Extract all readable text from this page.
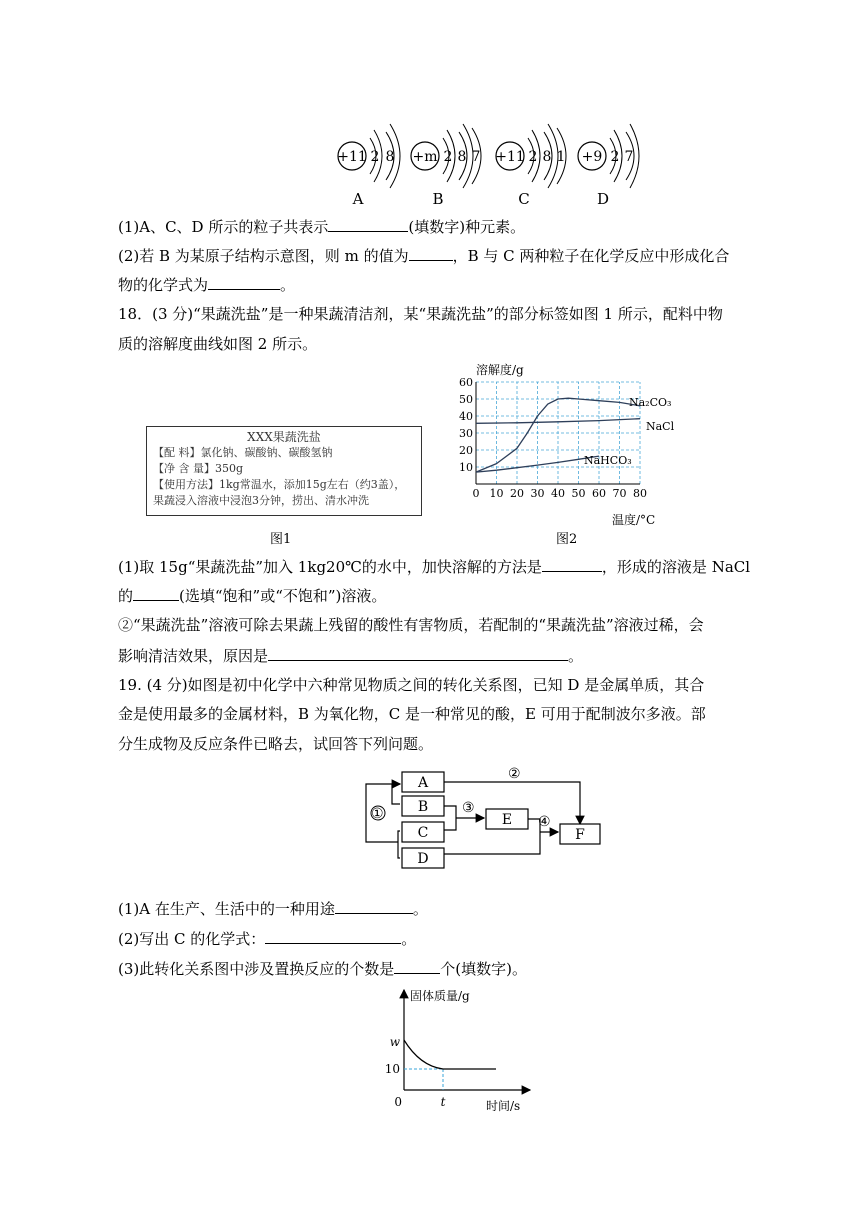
+11 2 8
A
+m 2 8 7
B
+11 2 8 1
C
+9 2 7
D
(1)A、C、D 所示的粒子共表示	(填数字)种元素。
(2)若 B 为某原子结构示意图，则 m 的值为	，B 与 C 两种粒子在化学反应中形成化合
物的化学式为	。
18．(3 分)“果蔬洗盐”是一种果蔬清洁剂，某“果蔬洗盐”的部分标签如图 1 所示，配料中物
质的溶解度曲线如图 2 所示。
XXX果蔬洗盐
【配 料】氯化钠、碳酸钠、碳酸氢钠
【净 含 量】350g
【使用方法】1kg常温水，添加15g左右（约3盖），
果蔬浸入溶液中浸泡3分钟，捞出、清水冲洗
图1
0 10 20 30 40 50 60 70 80
10
20
30
40
50
60
溶解度/g
温度/°C
Na₂CO₃
NaCl
NaHCO₃
图2
(1)取 15g“果蔬洗盐”加入 1kg20℃的水中，加快溶解的方法是	，形成的溶液是 NaCl
的	(选填“饱和”或“不饱和”)溶液。
②“果蔬洗盐”溶液可除去果蔬上残留的酸性有害物质，若配制的“果蔬洗盐”溶液过稀，会
影响清洁效果，原因是	。
19. (4 分)如图是初中化学中六种常见物质之间的转化关系图，已知 D 是金属单质，其合
金是使用最多的金属材料，B 为氧化物，C 是一种常见的酸，E 可用于配制波尔多液。部
分生成物及反应条件已略去，试回答下列问题。
①
A
B
C
D
②
③
E ④
F
(1)A 在生产、生活中的一种用途	。
(2)写出 C 的化学式：	。
(3)此转化关系图中涉及置换反应的个数是	个(填数字)。
固体质量/g
时间/s
0	t
w
10
